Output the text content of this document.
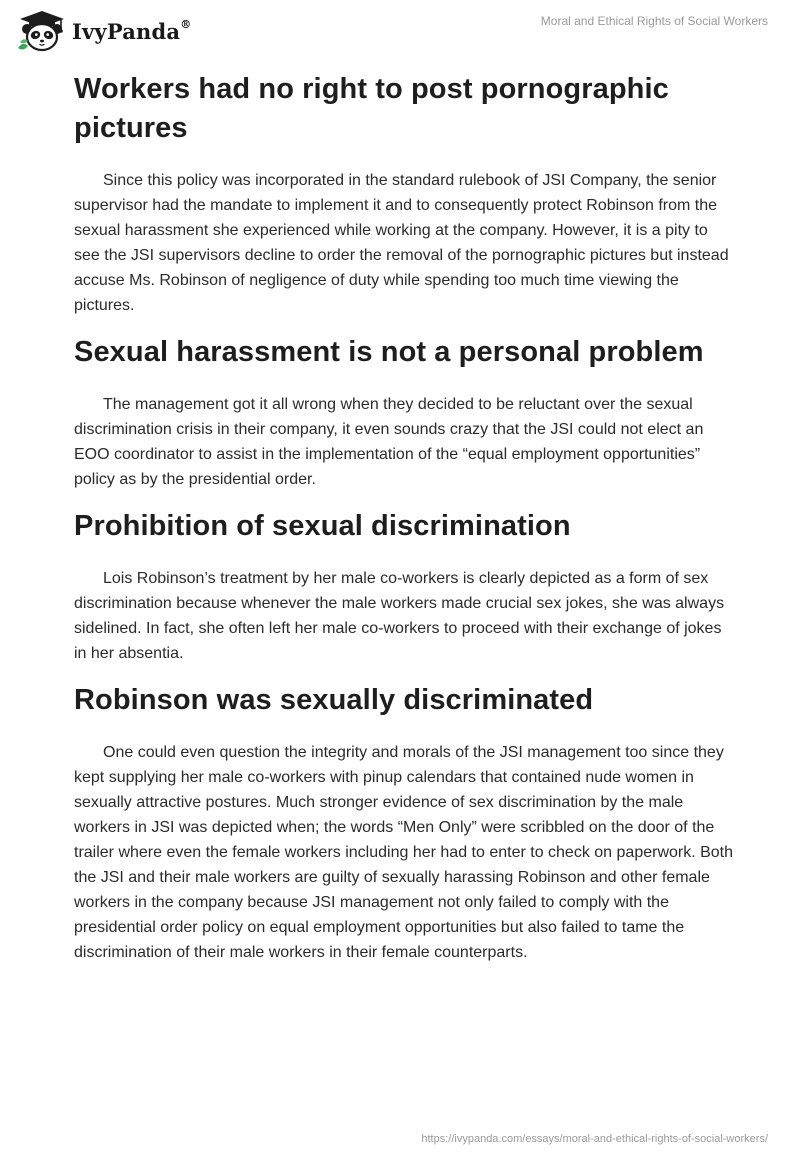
IvyPanda®	Moral and Ethical Rights of Social Workers
Workers had no right to post pornographic pictures

Since this policy was incorporated in the standard rulebook of JSI Company, the senior supervisor had the mandate to implement it and to consequently protect Robinson from the sexual harassment she experienced while working at the company. However, it is a pity to see the JSI supervisors decline to order the removal of the pornographic pictures but instead accuse Ms. Robinson of negligence of duty while spending too much time viewing the pictures.

Sexual harassment is not a personal problem

The management got it all wrong when they decided to be reluctant over the sexual discrimination crisis in their company, it even sounds crazy that the JSI could not elect an EOO coordinator to assist in the implementation of the “equal employment opportunities” policy as by the presidential order.

Prohibition of sexual discrimination

Lois Robinson’s treatment by her male co-workers is clearly depicted as a form of sex discrimination because whenever the male workers made crucial sex jokes, she was always sidelined. In fact, she often left her male co-workers to proceed with their exchange of jokes in her absentia.

Robinson was sexually discriminated

One could even question the integrity and morals of the JSI management too since they kept supplying her male co-workers with pinup calendars that contained nude women in sexually attractive postures. Much stronger evidence of sex discrimination by the male workers in JSI was depicted when; the words “Men Only” were scribbled on the door of the trailer where even the female workers including her had to enter to check on paperwork. Both the JSI and their male workers are guilty of sexually harassing Robinson and other female workers in the company because JSI management not only failed to comply with the presidential order policy on equal employment opportunities but also failed to tame the discrimination of their male workers in their female counterparts.

https://ivypanda.com/essays/moral-and-ethical-rights-of-social-workers/
